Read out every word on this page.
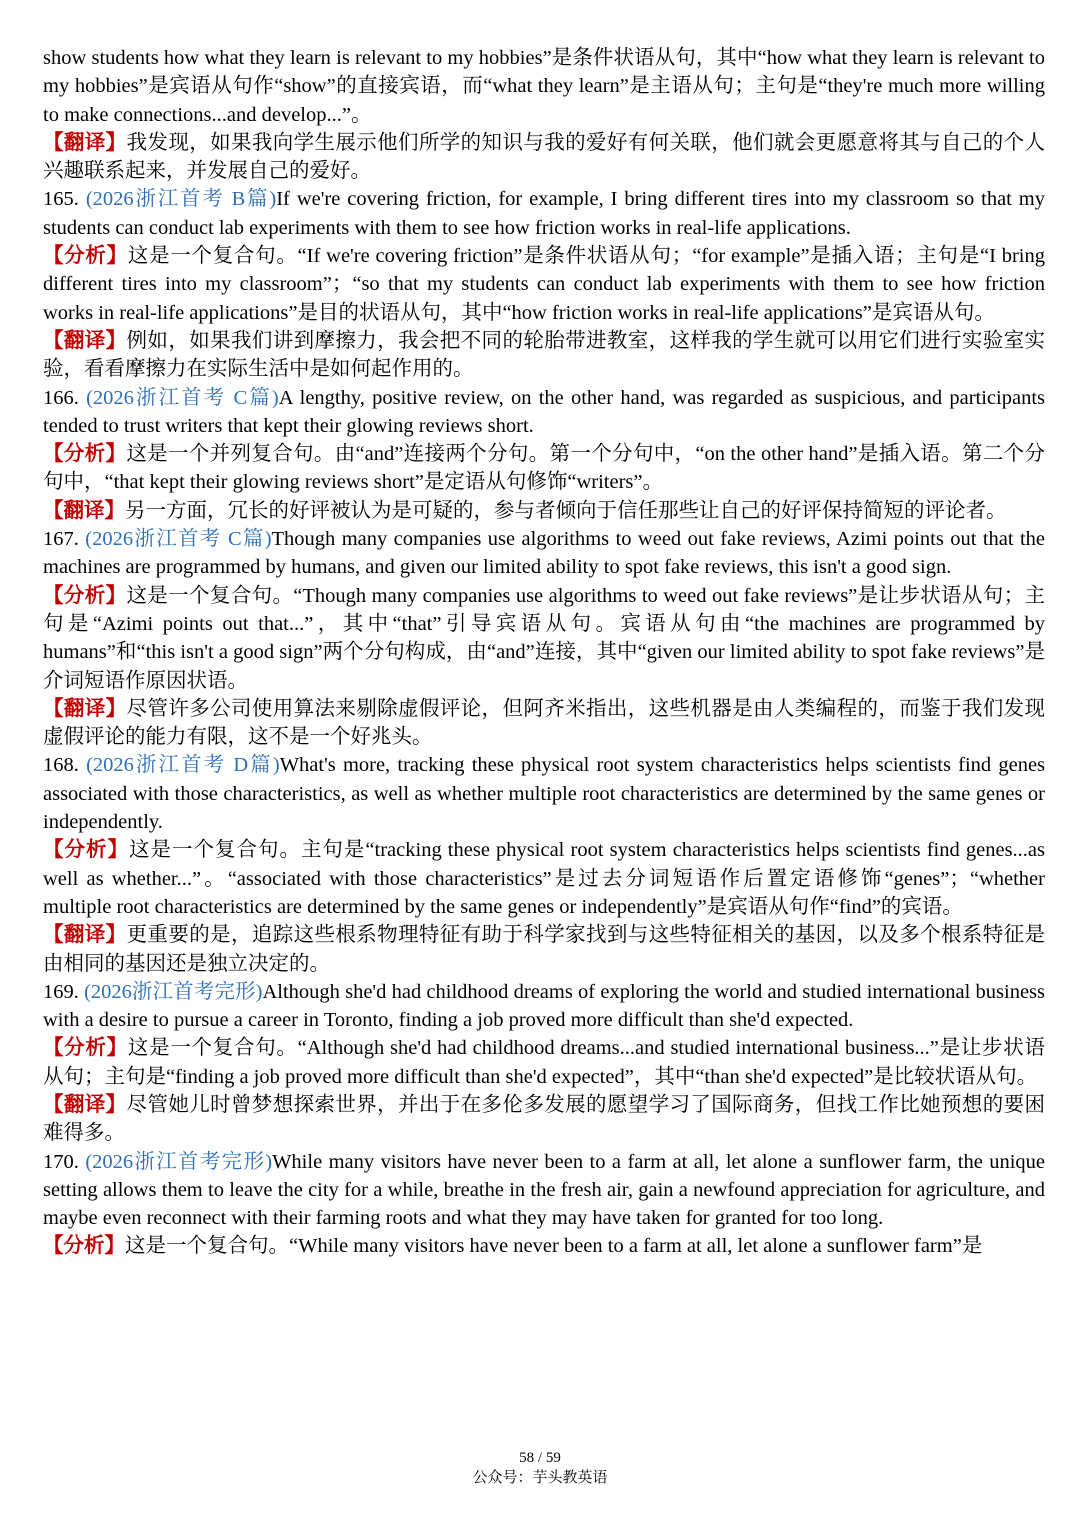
show students how what they learn is relevant to my hobbies”是条件状语从句，其中“how what they learn is relevant to my hobbies”是宾语从句作“show”的直接宾语，而“what they learn”是主语从句；主句是“they're much more willing to make connections...and develop...”。

【翻译】我发现，如果我向学生展示他们所学的知识与我的爱好有何关联，他们就会更愿意将其与自己的个人兴趣联系起来，并发展自己的爱好。

165. (2026浙江首考 B篇)If we're covering friction, for example, I bring different tires into my classroom so that my students can conduct lab experiments with them to see how friction works in real-life applications.

【分析】这是一个复合句。“If we're covering friction”是条件状语从句；“for example”是插入语；主句是“I bring different tires into my classroom”；“so that my students can conduct lab experiments with them to see how friction works in real-life applications”是目的状语从句，其中“how friction works in real-life applications”是宾语从句。

【翻译】例如，如果我们讲到摩擦力，我会把不同的轮胎带进教室，这样我的学生就可以用它们进行实验室实验，看看摩擦力在实际生活中是如何起作用的。

166. (2026浙江首考 C篇)A lengthy, positive review, on the other hand, was regarded as suspicious, and participants tended to trust writers that kept their glowing reviews short.

【分析】这是一个并列复合句。由“and”连接两个分句。第一个分句中，“on the other hand”是插入语。第二个分句中，“that kept their glowing reviews short”是定语从句修饰“writers”。

【翻译】另一方面，冗长的好评被认为是可疑的，参与者倾向于信任那些让自己的好评保持简短的评论者。

167. (2026浙江首考 C篇)Though many companies use algorithms to weed out fake reviews, Azimi points out that the machines are programmed by humans, and given our limited ability to spot fake reviews, this isn't a good sign.

【分析】这是一个复合句。“Though many companies use algorithms to weed out fake reviews”是让步状语从句；主句是“Azimi points out that...”，其中“that”引导宾语从句。宾语从句由“the machines are programmed by humans”和“this isn't a good sign”两个分句构成，由“and”连接，其中“given our limited ability to spot fake reviews”是介词短语作原因状语。

【翻译】尽管许多公司使用算法来剔除虚假评论，但阿齐米指出，这些机器是由人类编程的，而鉴于我们发现虚假评论的能力有限，这不是一个好兆头。

168. (2026浙江首考 D篇)What's more, tracking these physical root system characteristics helps scientists find genes associated with those characteristics, as well as whether multiple root characteristics are determined by the same genes or independently.

【分析】这是一个复合句。主句是“tracking these physical root system characteristics helps scientists find genes...as well as whether...”。“associated with those characteristics”是过去分词短语作后置定语修饰“genes”；“whether multiple root characteristics are determined by the same genes or independently”是宾语从句作“find”的宾语。

【翻译】更重要的是，追踪这些根系物理特征有助于科学家找到与这些特征相关的基因，以及多个根系特征是由相同的基因还是独立决定的。

169. (2026浙江首考完形)Although she'd had childhood dreams of exploring the world and studied international business with a desire to pursue a career in Toronto, finding a job proved more difficult than she'd expected.

【分析】这是一个复合句。“Although she'd had childhood dreams...and studied international business...”是让步状语从句；主句是“finding a job proved more difficult than she'd expected”，其中“than she'd expected”是比较状语从句。

【翻译】尽管她儿时曾梦想探索世界，并出于在多伦多发展的愿望学习了国际商务，但找工作比她预想的要困难得多。

170. (2026浙江首考完形)While many visitors have never been to a farm at all, let alone a sunflower farm, the unique setting allows them to leave the city for a while, breathe in the fresh air, gain a newfound appreciation for agriculture, and maybe even reconnect with their farming roots and what they may have taken for granted for too long.

【分析】这是一个复合句。“While many visitors have never been to a farm at all, let alone a sunflower farm”是

58 / 59
公众号：芋头教英语
